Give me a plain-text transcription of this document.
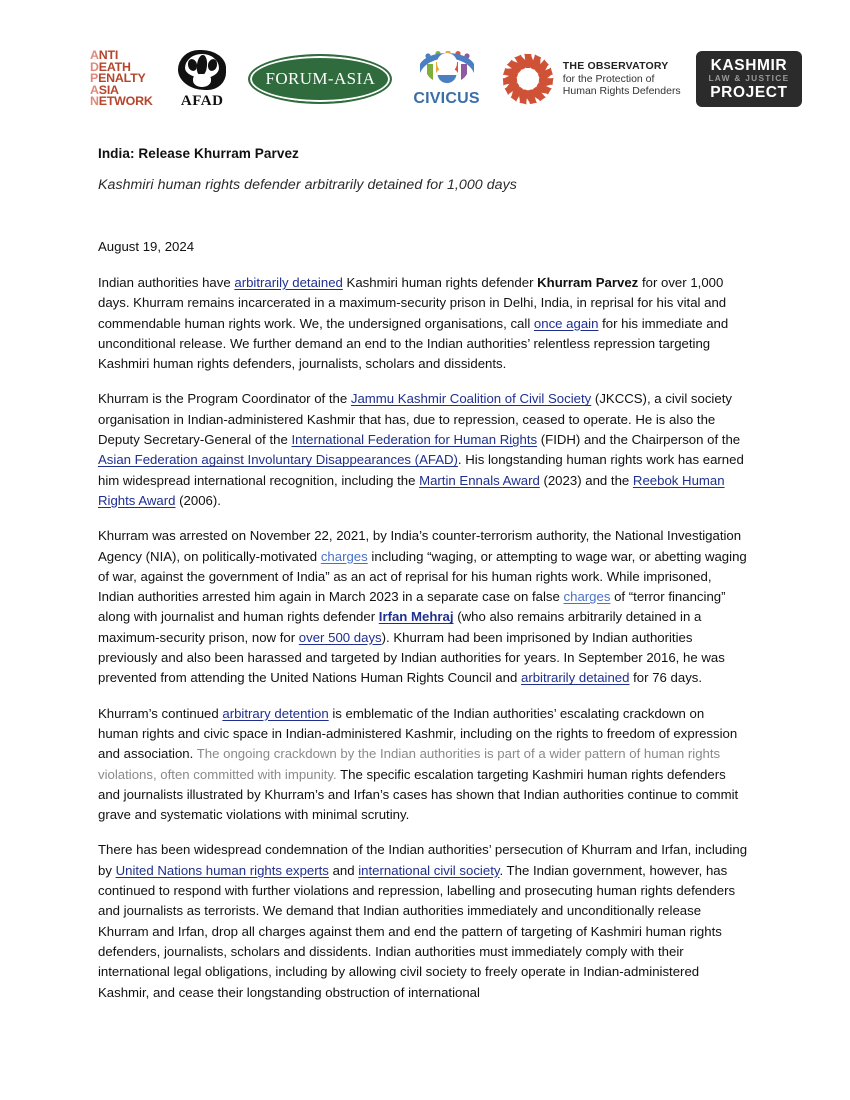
ANTI
DEATH
PENALTY
ASIA
NETWORK	AFAD
FORUM-ASIA
CIVICUS
THE OBSERVATORY
for the Protection of
Human Rights Defenders
KASHMIR
LAW & JUSTICE
PROJECT
India: Release Khurram Parvez
Kashmiri human rights defender arbitrarily detained for 1,000 days
August 19, 2024

Indian authorities have arbitrarily detained Kashmiri human rights defender Khurram Parvez for over 1,000 days. Khurram remains incarcerated in a maximum-security prison in Delhi, India, in reprisal for his vital and commendable human rights work. We, the undersigned organisations, call once again for his immediate and unconditional release. We further demand an end to the Indian authorities’ relentless repression targeting Kashmiri human rights defenders, journalists, scholars and dissidents.

Khurram is the Program Coordinator of the Jammu Kashmir Coalition of Civil Society (JKCCS), a civil society organisation in Indian-administered Kashmir that has, due to repression, ceased to operate. He is also the Deputy Secretary-General of the International Federation for Human Rights (FIDH) and the Chairperson of the Asian Federation against Involuntary Disappearances (AFAD). His longstanding human rights work has earned him widespread international recognition, including the Martin Ennals Award (2023) and the Reebok Human Rights Award (2006).

Khurram was arrested on November 22, 2021, by India’s counter-terrorism authority, the National Investigation Agency (NIA), on politically-motivated charges including “waging, or attempting to wage war, or abetting waging of war, against the government of India” as an act of reprisal for his human rights work. While imprisoned, Indian authorities arrested him again in March 2023 in a separate case on false charges of “terror financing” along with journalist and human rights defender Irfan Mehraj (who also remains arbitrarily detained in a maximum-security prison, now for over 500 days). Khurram had been imprisoned by Indian authorities previously and also been harassed and targeted by Indian authorities for years. In September 2016, he was prevented from attending the United Nations Human Rights Council and arbitrarily detained for 76 days.

Khurram’s continued arbitrary detention is emblematic of the Indian authorities’ escalating crackdown on human rights and civic space in Indian-administered Kashmir, including on the rights to freedom of expression and association. The ongoing crackdown by the Indian authorities is part of a wider pattern of human rights violations, often committed with impunity. The specific escalation targeting Kashmiri human rights defenders and journalists illustrated by Khurram’s and Irfan’s cases has shown that Indian authorities continue to commit grave and systematic violations with minimal scrutiny.

There has been widespread condemnation of the Indian authorities’ persecution of Khurram and Irfan, including by United Nations human rights experts and international civil society. The Indian government, however, has continued to respond with further violations and repression, labelling and prosecuting human rights defenders and journalists as terrorists. We demand that Indian authorities immediately and unconditionally release Khurram and Irfan, drop all charges against them and end the pattern of targeting of Kashmiri human rights defenders, journalists, scholars and dissidents. Indian authorities must immediately comply with their international legal obligations, including by allowing civil society to freely operate in Indian-administered Kashmir, and cease their longstanding obstruction of international
